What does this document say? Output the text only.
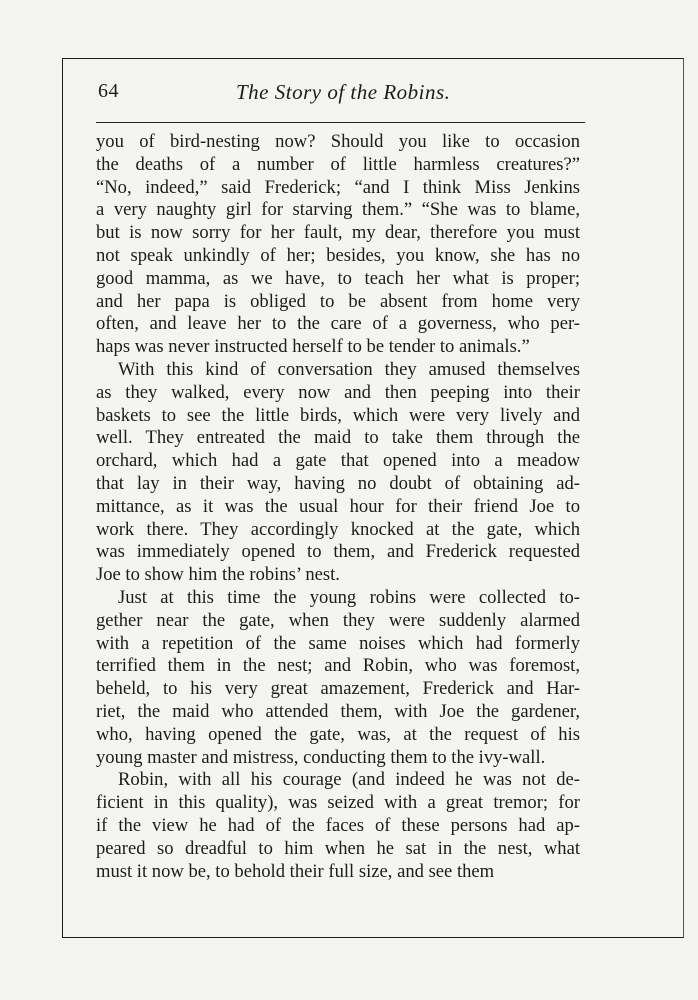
64	The Story of the Robins.
you of bird-nesting now? Should you like to occasion
the deaths of a number of little harmless creatures?”
“No, indeed,” said Frederick; “and I think Miss Jenkins
a very naughty girl for starving them.” “She was to blame,
but is now sorry for her fault, my dear, therefore you must
not speak unkindly of her; besides, you know, she has no
good mamma, as we have, to teach her what is proper;
and her papa is obliged to be absent from home very
often, and leave her to the care of a governess, who per-
haps was never instructed herself to be tender to animals.”
With this kind of conversation they amused themselves
as they walked, every now and then peeping into their
baskets to see the little birds, which were very lively and
well. They entreated the maid to take them through the
orchard, which had a gate that opened into a meadow
that lay in their way, having no doubt of obtaining ad-
mittance, as it was the usual hour for their friend Joe to
work there. They accordingly knocked at the gate, which
was immediately opened to them, and Frederick requested
Joe to show him the robins’ nest.
Just at this time the young robins were collected to-
gether near the gate, when they were suddenly alarmed
with a repetition of the same noises which had formerly
terrified them in the nest; and Robin, who was foremost,
beheld, to his very great amazement, Frederick and Har-
riet, the maid who attended them, with Joe the gardener,
who, having opened the gate, was, at the request of his
young master and mistress, conducting them to the ivy-wall.
Robin, with all his courage (and indeed he was not de-
ficient in this quality), was seized with a great tremor; for
if the view he had of the faces of these persons had ap-
peared so dreadful to him when he sat in the nest, what
must it now be, to behold their full size, and see them
